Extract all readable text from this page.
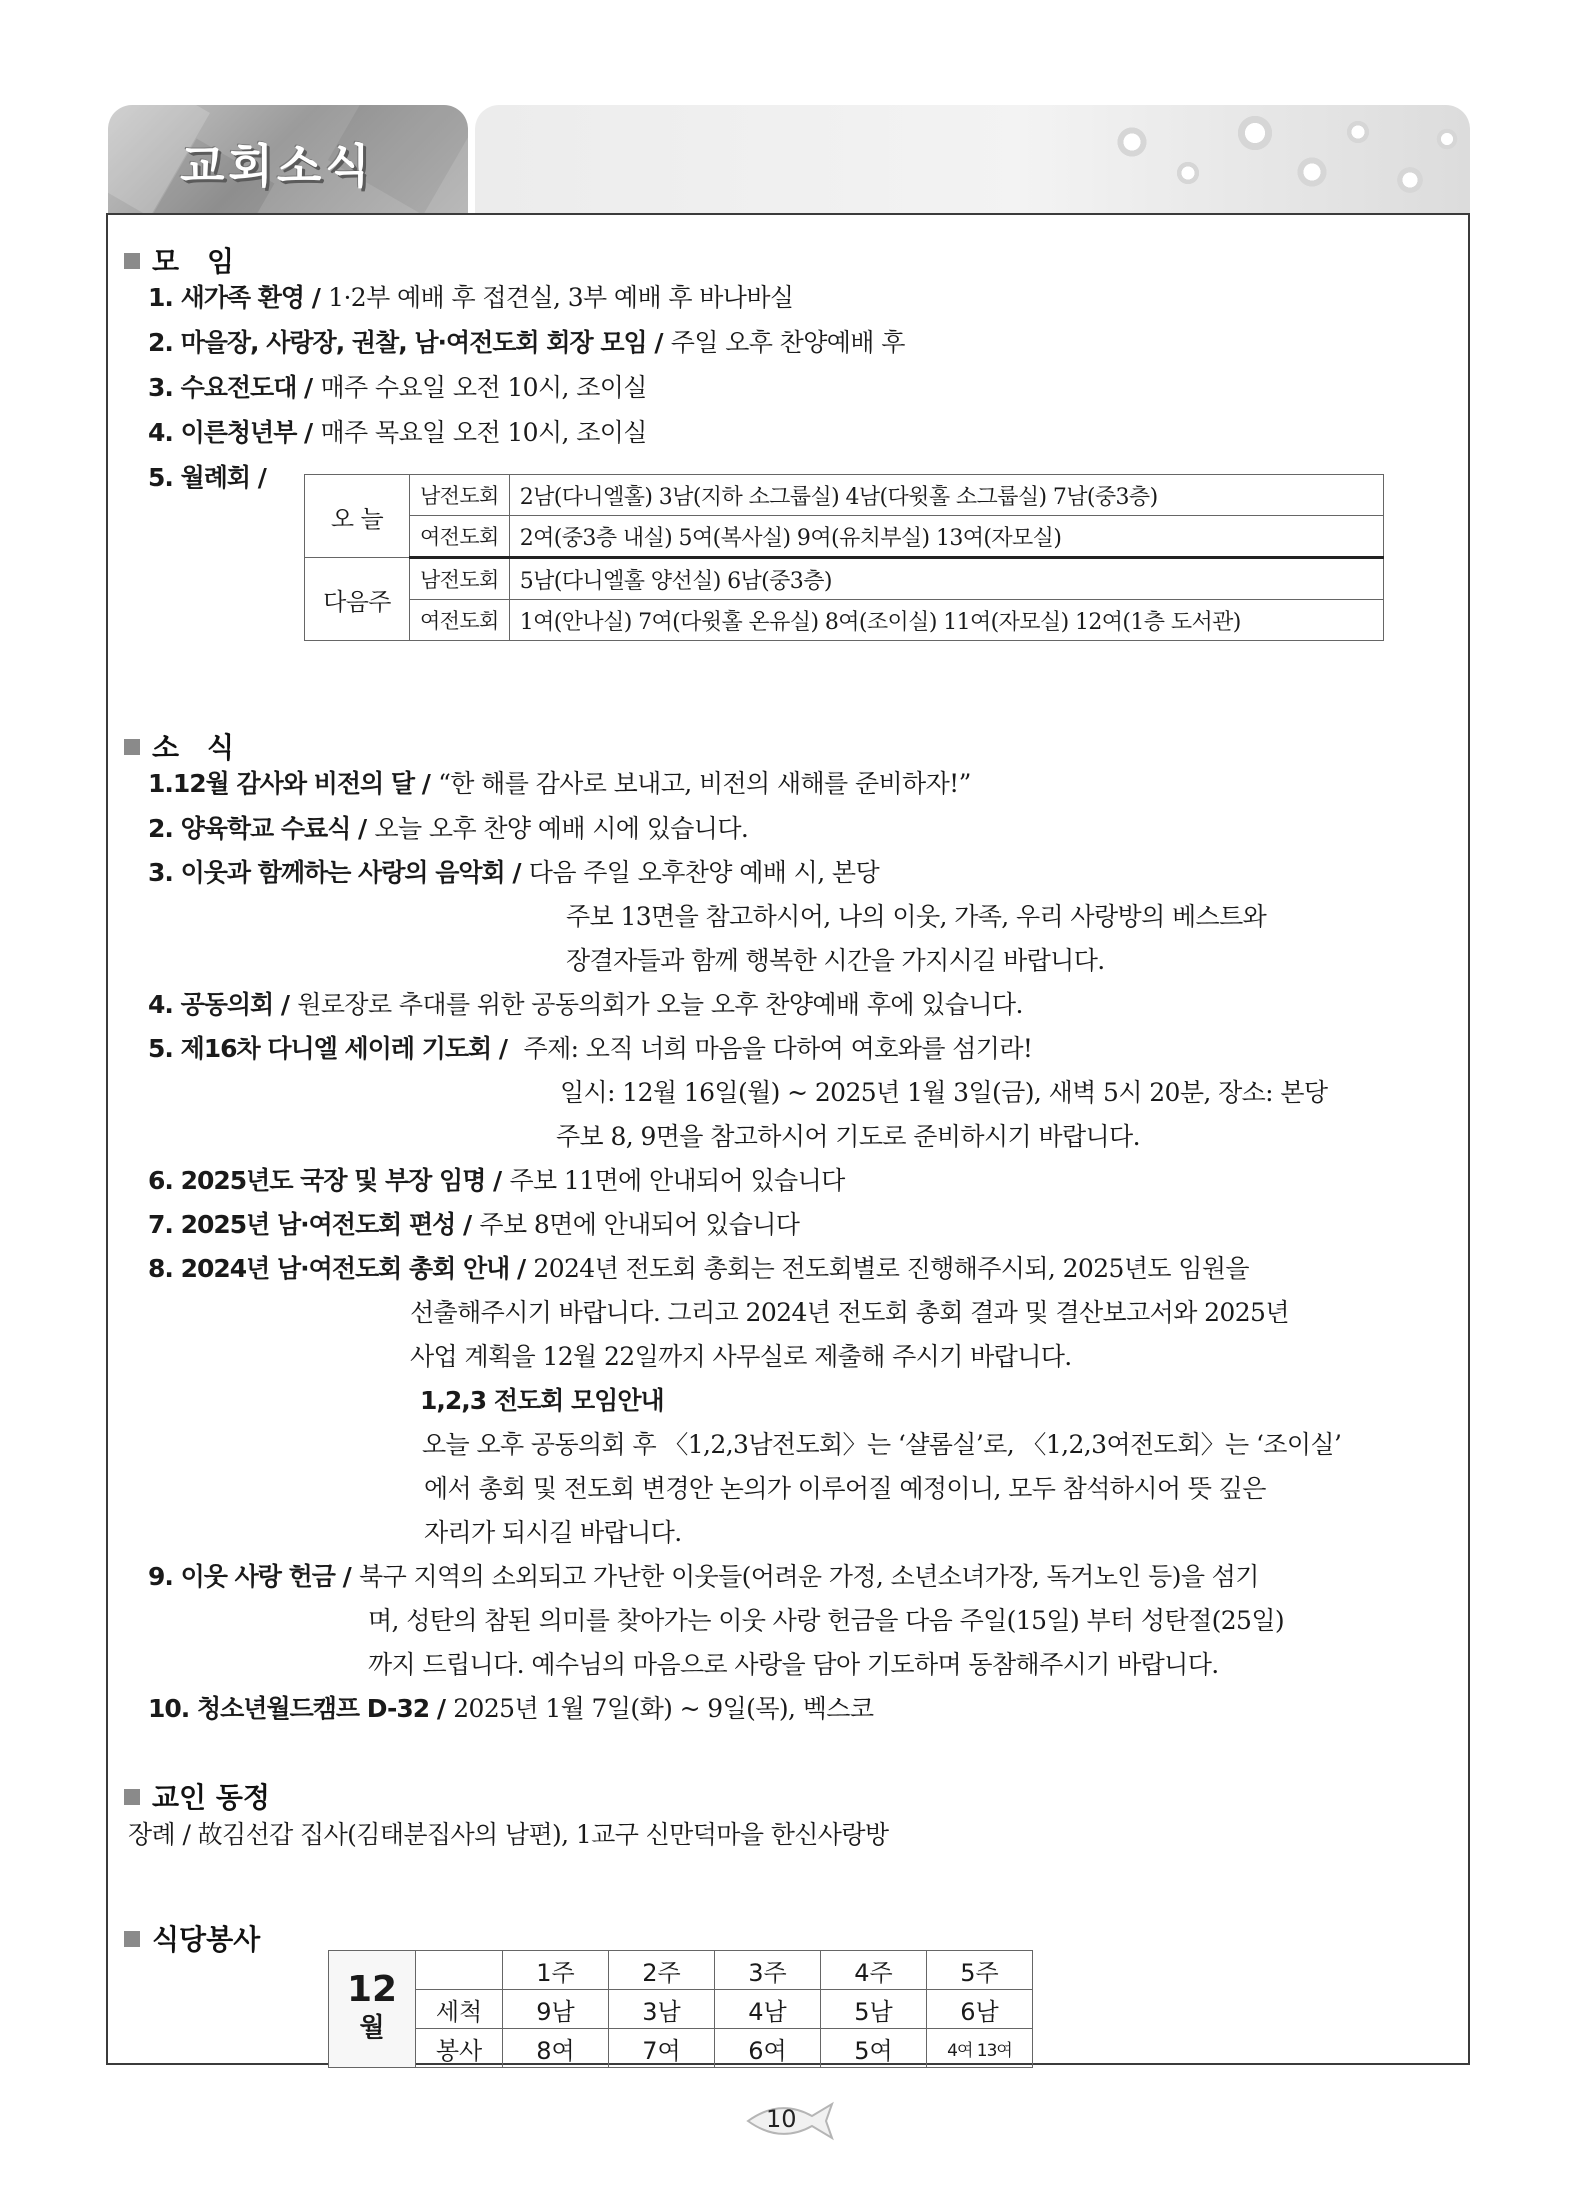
교회소식
모　임
1. 새가족 환영 / 1·2부 예배 후 접견실, 3부 예배 후 바나바실
2. 마을장, 사랑장, 권찰, 남·여전도회 회장 모임 / 주일 오후 찬양예배 후
3. 수요전도대 / 매주 수요일 오전 10시, 조이실
4. 이른청년부 / 매주 목요일 오전 10시, 조이실
5. 월례회 /
오 늘	남전도회	2남(다니엘홀) 3남(지하 소그룹실) 4남(다윗홀 소그룹실) 7남(중3층)
	여전도회	2여(중3층 내실) 5여(복사실) 9여(유치부실) 13여(자모실)
다음주	남전도회	5남(다니엘홀 양선실) 6남(중3층)
	여전도회	1여(안나실) 7여(다윗홀 온유실) 8여(조이실) 11여(자모실) 12여(1층 도서관)
소　식
1.12월 감사와 비전의 달 / “한 해를 감사로 보내고, 비전의 새해를 준비하자!”
2. 양육학교 수료식 / 오늘 오후 찬양 예배 시에 있습니다.
3. 이웃과 함께하는 사랑의 음악회 / 다음 주일 오후찬양 예배 시, 본당
주보 13면을 참고하시어, 나의 이웃, 가족, 우리 사랑방의 베스트와
장결자들과 함께 행복한 시간을 가지시길 바랍니다.
4. 공동의회 / 원로장로 추대를 위한 공동의회가 오늘 오후 찬양예배 후에 있습니다.
5. 제16차 다니엘 세이레 기도회 / 주제: 오직 너희 마음을 다하여 여호와를 섬기라!
일시: 12월 16일(월) ~ 2025년 1월 3일(금), 새벽 5시 20분, 장소: 본당
주보 8, 9면을 참고하시어 기도로 준비하시기 바랍니다.
6. 2025년도 국장 및 부장 임명 / 주보 11면에 안내되어 있습니다
7. 2025년 남·여전도회 편성 / 주보 8면에 안내되어 있습니다
8. 2024년 남·여전도회 총회 안내 / 2024년 전도회 총회는 전도회별로 진행해주시되, 2025년도 임원을
선출해주시기 바랍니다. 그리고 2024년 전도회 총회 결과 및 결산보고서와 2025년
사업 계획을 12월 22일까지 사무실로 제출해 주시기 바랍니다.
1,2,3 전도회 모임안내
오늘 오후 공동의회 후 〈1,2,3남전도회〉는 ‘샬롬실’로, 〈1,2,3여전도회〉는 ‘조이실’
에서 총회 및 전도회 변경안 논의가 이루어질 예정이니, 모두 참석하시어 뜻 깊은
자리가 되시길 바랍니다.
9. 이웃 사랑 헌금 / 북구 지역의 소외되고 가난한 이웃들(어려운 가정, 소년소녀가장, 독거노인 등)을 섬기
며, 성탄의 참된 의미를 찾아가는 이웃 사랑 헌금을 다음 주일(15일) 부터 성탄절(25일)
까지 드립니다. 예수님의 마음으로 사랑을 담아 기도하며 동참해주시기 바랍니다.
10. 청소년월드캠프 D-32 / 2025년 1월 7일(화) ~ 9일(목), 벡스코
교인 동정
장례 / 故김선갑 집사(김태분집사의 남편), 1교구 신만덕마을 한신사랑방
식당봉사
12
월		1주	2주	3주	4주	5주
	세척	9남	3남	4남	5남	6남
	봉사	8여	7여	6여	5여	4여 13여
10
